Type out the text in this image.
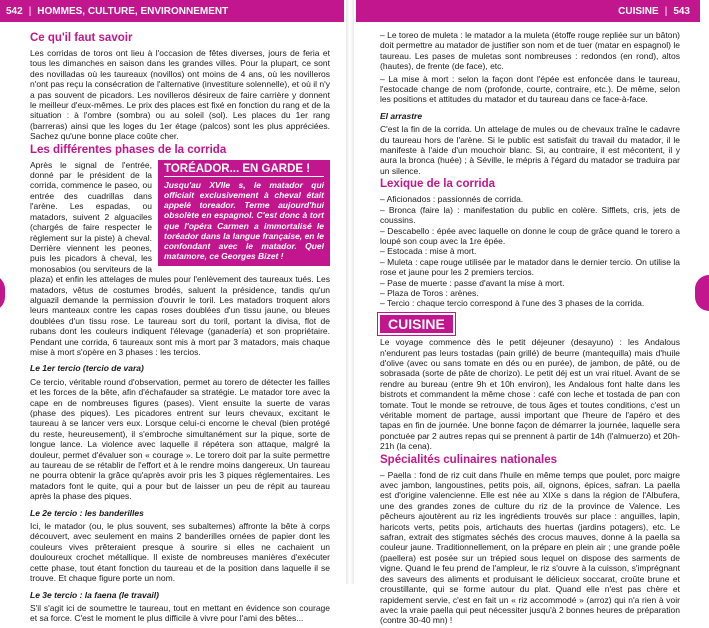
542 | HOMMES, CULTURE, ENVIRONNEMENT
Ce qu'il faut savoir

Les corridas de toros ont lieu à l'occasion de fêtes diverses, jours de feria et tous les dimanches en saison dans les grandes villes. Pour la plupart, ce sont des novilladas où les taureaux (novillos) ont moins de 4 ans, où les novilleros n'ont pas reçu la consécration de l'alternative (investiture solennelle), et où il n'y a pas souvent de picadors. Les novilleros désireux de faire carrière y donnent le meilleur d'eux-mêmes. Le prix des places est fixé en fonction du rang et de la situation : à l'ombre (sombra) ou au soleil (sol). Les places du 1er rang (barreras) ainsi que les loges du 1er étage (palcos) sont les plus appréciées. Sachez qu'une bonne place coûte cher.

Les différentes phases de la corrida
TORÉADOR... EN GARDE !
Jusqu'au XVIIe s, le matador qui officiait exclusivement à cheval était appelé toreador. Terme aujourd'hui obsolète en espagnol. C'est donc à tort que l'opéra Carmen a immortalisé le toréador dans la langue française, en le confondant avec le matador. Quel matamore, ce Georges Bizet !

Après le signal de l'entrée, donné par le président de la corrida, commence le paseo, ou entrée des cuadrillas dans l'arène. Les espadas, ou matadors, suivent 2 alguaciles (chargés de faire respecter le règlement sur la piste) à cheval. Derrière viennent les peones, puis les picadors à cheval, les monosabios (ou serviteurs de la plaza) et enfin les attelages de mules pour l'enlèvement des taureaux tués. Les matadors, vêtus de costumes brodés, saluent la présidence, tandis qu'un alguazil demande la permission d'ouvrir le toril. Les matadors troquent alors leurs manteaux contre les capas roses doublées d'un tissu jaune, ou bleues doublées d'un tissu rose. Le taureau sort du toril, portant la divisa, flot de rubans dont les couleurs indiquent l'élevage (ganadería) et son propriétaire. Pendant une corrida, 6 taureaux sont mis à mort par 3 matadors, mais chaque mise à mort s'opère en 3 phases : les tercios.

Le 1er tercio (tercio de vara)

Ce tercio, véritable round d'observation, permet au torero de détecter les failles et les forces de la bête, afin d'échafauder sa stratégie. Le matador tore avec la cape en de nombreuses figures (pases). Vient ensuite la suerte de varas (phase des piques). Les picadores entrent sur leurs chevaux, excitant le taureau à se lancer vers eux. Lorsque celui-ci encorne le cheval (bien protégé du reste, heureusement), il s'embroche simultanément sur la pique, sorte de longue lance. La violence avec laquelle il répétera son attaque, malgré la douleur, permet d'évaluer son « courage ». Le torero doit par la suite permettre au taureau de se rétablir de l'effort et à le rendre moins dangereux. Un taureau ne pourra obtenir la grâce qu'après avoir pris les 3 piques réglementaires. Les matadors font le quite, qui a pour but de laisser un peu de répit au taureau après la phase des piques.

Le 2e tercio : les banderilles

Ici, le matador (ou, le plus souvent, ses subalternes) affronte la bête à corps découvert, avec seulement en mains 2 banderilles ornées de papier dont les couleurs vives prêteraient presque à sourire si elles ne cachaient un douloureux crochet métallique. Il existe de nombreuses manières d'exécuter cette phase, tout étant fonction du taureau et de la position dans laquelle il se trouve. Et chaque figure porte un nom.

Le 3e tercio : la faena (le travail)

S'il s'agit ici de soumettre le taureau, tout en mettant en évidence son courage et sa force. C'est le moment le plus difficile à vivre pour l'ami des bêtes...

CUISINE | 543

– Le toreo de muleta : le matador a la muleta (étoffe rouge repliée sur un bâton) doit permettre au matador de justifier son nom et de tuer (matar en espagnol) le taureau. Les pases de muletas sont nombreuses : redondos (en rond), altos (hautes), de frente (de face), etc.

– La mise à mort : selon la façon dont l'épée est enfoncée dans le taureau, l'estocade change de nom (profonde, courte, contraire, etc.). De même, selon les positions et attitudes du matador et du taureau dans ce face-à-face.

El arrastre

C'est la fin de la corrida. Un attelage de mules ou de chevaux traîne le cadavre du taureau hors de l'arène. Si le public est satisfait du travail du matador, il le manifeste à l'aide d'un mouchoir blanc. Si, au contraire, il est mécontent, il y aura la bronca (huée) ; à Séville, le mépris à l'égard du matador se traduira par un silence.

Lexique de la corrida

– Aficionados : passionnés de corrida.

– Bronca (faire la) : manifestation du public en colère. Sifflets, cris, jets de coussins.

– Descabello : épée avec laquelle on donne le coup de grâce quand le torero a loupé son coup avec la 1re épée.

– Estocada : mise à mort.

– Muleta : cape rouge utilisée par le matador dans le dernier tercio. On utilise la rose et jaune pour les 2 premiers tercios.

– Pase de muerte : passe d'avant la mise à mort.

– Plaza de Toros : arènes.

– Tercio : chaque tercio correspond à l'une des 3 phases de la corrida.

CUISINE

Le voyage commence dès le petit déjeuner (desayuno) : les Andalous n'endurent pas leurs tostadas (pain grillé) de beurre (mantequilla) mais d'huile d'olive (avec ou sans tomate en dés ou en purée), de jambon, de pâté, ou de sobrasada (sorte de pâte de chorizo). Le petit déj est un vrai rituel. Avant de se rendre au bureau (entre 9h et 10h environ), les Andalous font halte dans les bistrots et commandent la même chose : café con leche et tostada de pan con tomate. Tout le monde se retrouve, de tous âges et toutes conditions, c'est un véritable moment de partage, aussi important que l'heure de l'apéro et des tapas en fin de journée. Une bonne façon de démarrer la journée, laquelle sera ponctuée par 2 autres repas qui se prennent à partir de 14h (l'almuerzo) et 20h-21h (la cena).

Spécialités culinaires nationales

– Paella : fond de riz cuit dans l'huile en même temps que poulet, porc maigre avec jambon, langoustines, petits pois, ail, oignons, épices, safran. La paella est d'origine valencienne. Elle est née au XIXe s dans la région de l'Albufera, une des grandes zones de culture du riz de la province de Valence. Les pêcheurs ajoutèrent au riz les ingrédients trouvés sur place : anguilles, lapin, haricots verts, petits pois, artichauts des huertas (jardins potagers), etc. Le safran, extrait des stigmates séchés des crocus mauves, donne à la paella sa couleur jaune. Traditionnellement, on la prépare en plein air ; une grande poêle (paellera) est posée sur un trépied sous lequel on dispose des sarments de vigne. Quand le feu prend de l'ampleur, le riz s'ouvre à la cuisson, s'imprégnant des saveurs des aliments et produisant le délicieux soccarat, croûte brune et croustillante, qui se forme autour du plat. Quand elle n'est pas chère et rapidement servie, c'est en fait un « riz accommodé » (arroz) qui n'a rien à voir avec la vraie paella qui peut nécessiter jusqu'à 2 bonnes heures de préparation (contre 30-40 mn) !
